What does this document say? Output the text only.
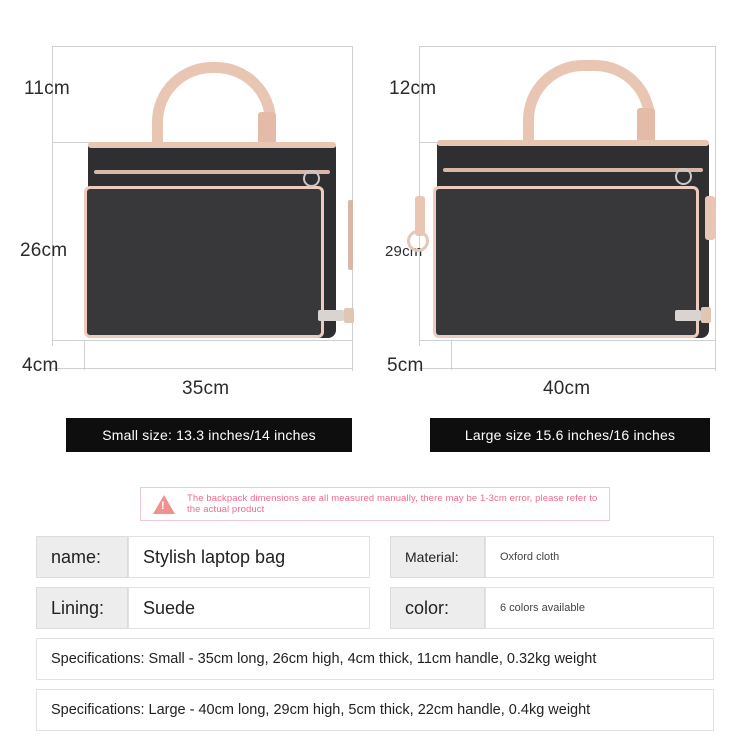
11cm
26cm
4cm
35cm
12cm
29cm
5cm
40cm
Small size: 13.3 inches/14 inches	Large size 15.6 inches/16 inches
!
The backpack dimensions are all measured manually, there may be 1-3cm error, please refer to the actual product
name: Stylish laptop bag	Material:	Oxford cloth
Lining: Suede	color:	6 colors available
Specifications: Small - 35cm long, 26cm high, 4cm thick, 11cm handle, 0.32kg weight
Specifications: Large - 40cm long, 29cm high, 5cm thick, 22cm handle, 0.4kg weight
